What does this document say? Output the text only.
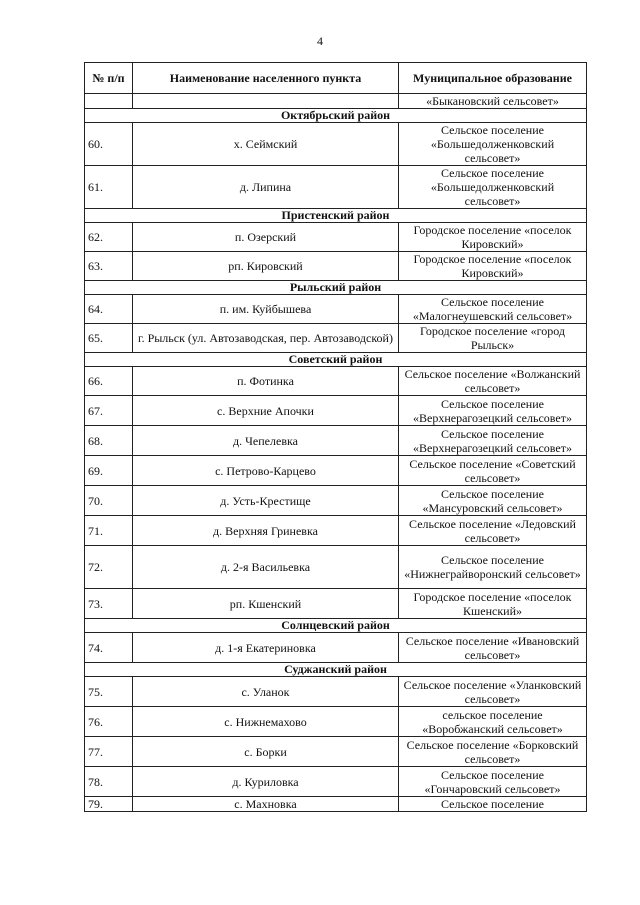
4
№ п/п	Наименование населенного пункта	Муниципальное образование
		«Быкановский сельсовет»
Октябрьский район		
60.	х. Сеймский	Сельское поселение «Большедолженковский сельсовет»
61.	д. Липина	Сельское поселение «Большедолженковский сельсовет»
Пристенский район		
62.	п. Озерский	Городское поселение «поселок Кировский»
63.	рп. Кировский	Городское поселение «поселок Кировский»
Рыльский район		
64.	п. им. Куйбышева	Сельское поселение «Малогнеушевский сельсовет»
65.	г. Рыльск (ул. Автозаводская, пер. Автозаводской)	Городское поселение «город Рыльск»
Советский район		
66.	п. Фотинка	Сельское поселение «Волжанский сельсовет»
67.	с. Верхние Апочки	Сельское поселение «Верхнерагозецкий сельсовет»
68.	д. Чепелевка	Сельское поселение «Верхнерагозецкий сельсовет»
69.	с. Петрово-Карцево	Сельское поселение «Советский сельсовет»
70.	д. Усть-Крестище	Сельское поселение «Мансуровский сельсовет»
71.	д. Верхняя Гриневка	Сельское поселение «Ледовский сельсовет»
72.	д. 2-я Васильевка	Сельское поселение «Нижнеграйворонский сельсовет»
73.	рп. Кшенский	Городское поселение «поселок Кшенский»
Солнцевский район		
74.	д. 1-я Екатериновка	Сельское поселение «Ивановский сельсовет»
Суджанский район		
75.	с. Уланок	Сельское поселение «Уланковский сельсовет»
76.	с. Нижнемахово	сельское поселение «Воробжанский сельсовет»
77.	с. Борки	Сельское поселение «Борковский сельсовет»
78.	д. Куриловка	Сельское поселение «Гончаровский сельсовет»
79.	с. Махновка	Сельское поселение
